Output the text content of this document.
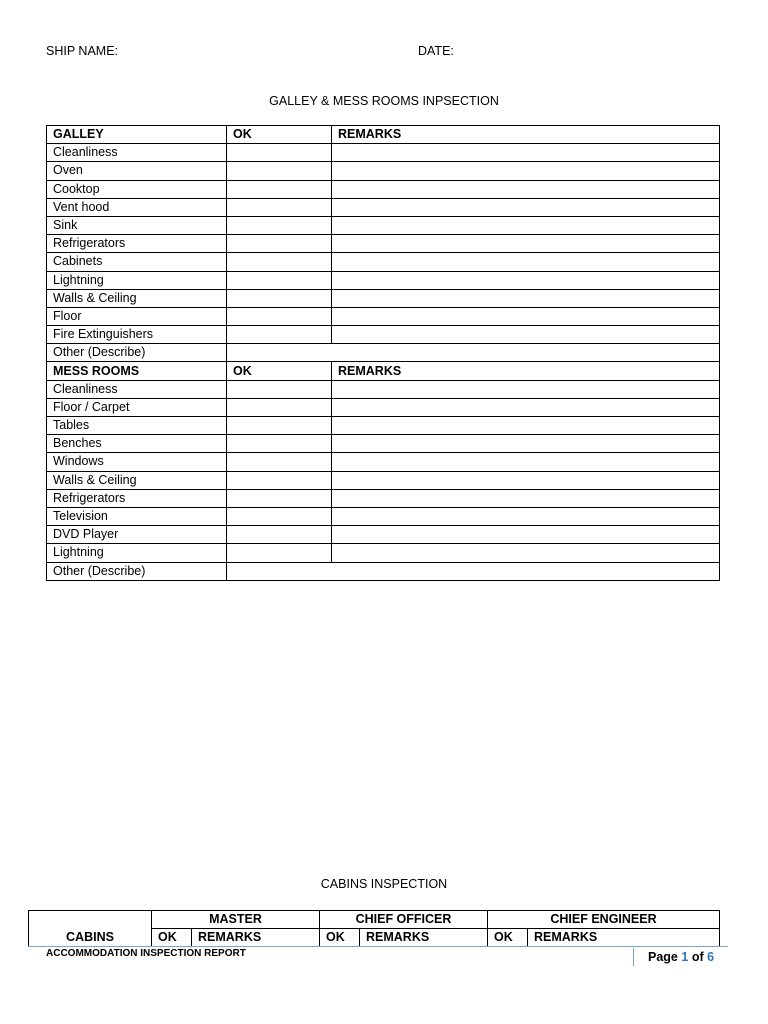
SHIP NAME:	DATE:
GALLEY & MESS ROOMS INPSECTION
GALLEY	OK	REMARKS
Cleanliness		
Oven		
Cooktop		
Vent hood		
Sink		
Refrigerators		
Cabinets		
Lightning		
Walls & Ceiling		
Floor		
Fire Extinguishers		
Other (Describe)		
MESS ROOMS	OK	REMARKS
Cleanliness		
Floor / Carpet		
Tables		
Benches		
Windows		
Walls & Ceiling		
Refrigerators		
Television		
DVD Player		
Lightning		
Other (Describe)		
CABINS INSPECTION
	MASTER		CHIEF OFFICER		CHIEF ENGINEER	
CABINS	OK	REMARKS	OK	REMARKS	OK	REMARKS
ACCOMMODATION INSPECTION REPORT	Page 1 of 6
